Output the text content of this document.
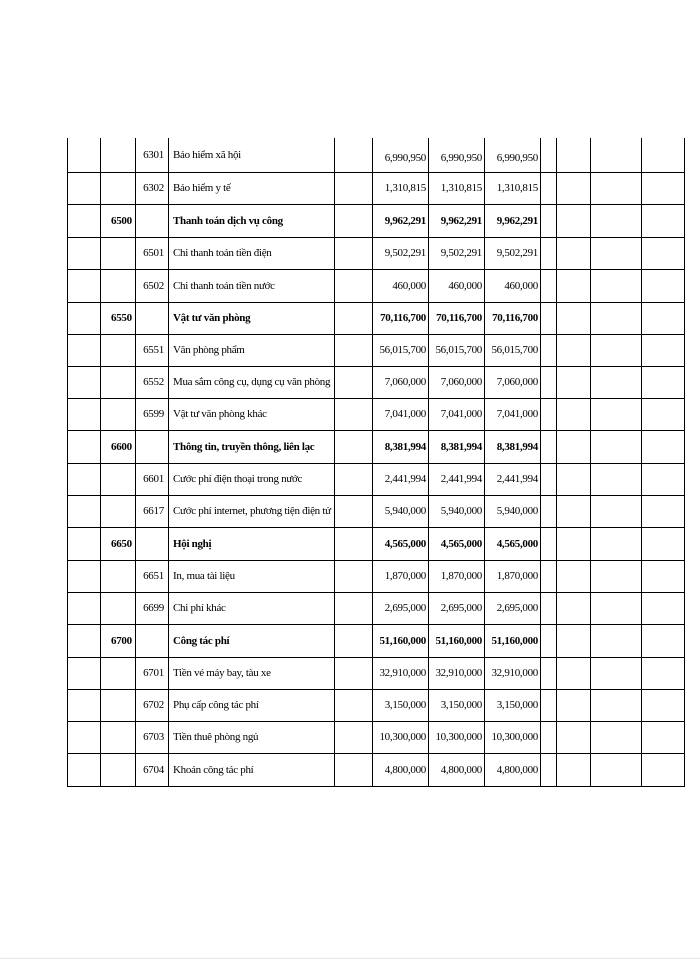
		6301	Bảo hiểm xã hội		6,990,950	6,990,950	6,990,950				
		6302	Bảo hiểm y tế		1,310,815	1,310,815	1,310,815				
	6500		Thanh toán dịch vụ công		9,962,291	9,962,291	9,962,291				
		6501	Chi thanh toán tiền điện		9,502,291	9,502,291	9,502,291				
		6502	Chi thanh toán tiền nước		460,000	460,000	460,000				
	6550		Vật tư văn phòng		70,116,700	70,116,700	70,116,700				
		6551	Văn phòng phẩm		56,015,700	56,015,700	56,015,700				
		6552	Mua sắm công cụ, dụng cụ văn phòng		7,060,000	7,060,000	7,060,000				
		6599	Vật tư văn phòng khác		7,041,000	7,041,000	7,041,000				
	6600		Thông tin, truyền thông, liên lạc		8,381,994	8,381,994	8,381,994				
		6601	Cước phí điện thoại trong nước		2,441,994	2,441,994	2,441,994				
		6617	Cước phí internet, phương tiện điện tử		5,940,000	5,940,000	5,940,000				
	6650		Hội nghị		4,565,000	4,565,000	4,565,000				
		6651	In, mua tài liệu		1,870,000	1,870,000	1,870,000				
		6699	Chi phí khác		2,695,000	2,695,000	2,695,000				
	6700		Công tác phí		51,160,000	51,160,000	51,160,000				
		6701	Tiền vé máy bay, tàu xe		32,910,000	32,910,000	32,910,000				
		6702	Phụ cấp công tác phí		3,150,000	3,150,000	3,150,000				
		6703	Tiền thuê phòng ngủ		10,300,000	10,300,000	10,300,000				
		6704	Khoán công tác phí		4,800,000	4,800,000	4,800,000				
